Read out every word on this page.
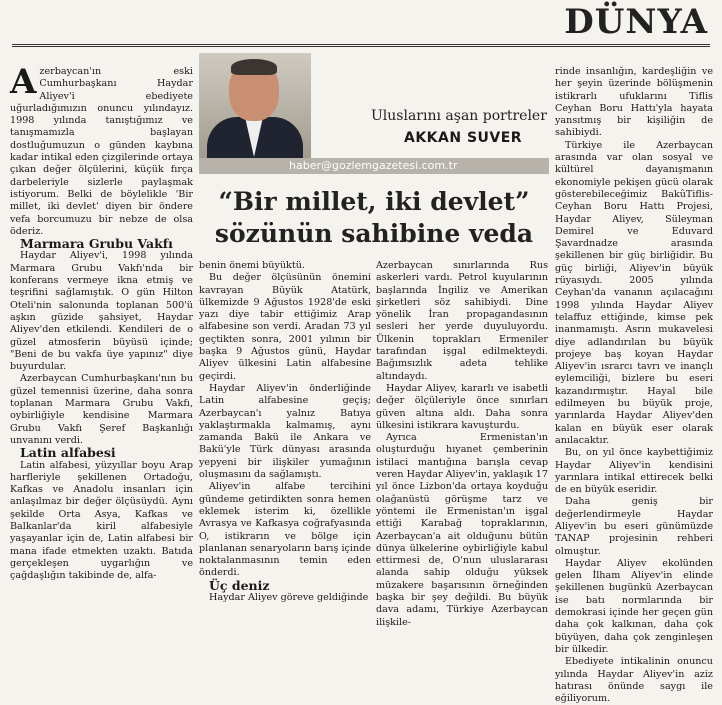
DÜNYA
Uluslarını aşan portreler
AKKAN SUVER
haber@gozlemgazetesi.com.tr
“Bir millet, iki devlet”
sözünün sahibine veda

Azerbaycan'ın eski Cumhurbaşkanı Haydar Aliyev'i ebediyete uğurladığımızın onuncu yılındayız. 1998 yılında tanıştığımız ve tanışmamızla başlayan dostluğumuzun o günden kaybına kadar intikal eden çizgilerinde ortaya çıkan değer ölçülerini, küçük fırça darbeleriyle sizlerle paylaşmak istiyorum. Belki de böylelikle 'Bir millet, iki devlet' diyen bir öndere vefa borcumuzu bir nebze de olsa öderiz.

Marmara Grubu Vakfı

Haydar Aliyev'i, 1998 yılında Marmara Grubu Vakfı'nda bir konferans vermeye ikna etmiş ve teşrifini sağlamıştık. O gün Hilton Oteli'nin salonunda toplanan 500'ü aşkın güzide şahsiyet, Haydar Aliyev'den etkilendi. Kendileri de o güzel atmosferin büyüsü içinde; "Beni de bu vakfa üye yapınız" diye buyurdular.

Azerbaycan Cumhurbaşkanı'nın bu güzel temennisi üzerine, daha sonra toplanan Marmara Grubu Vakfı, oybirliğiyle kendisine Marmara Grubu Vakfı Şeref Başkanlığı unvanını verdi.

Latin alfabesi

Latin alfabesi, yüzyıllar boyu Arap harfleriyle şekillenen Ortadoğu, Kafkas ve Anadolu insanları için anlaşılmaz bir değer ölçüsüydü. Aynı şekilde Orta Asya, Kafkas ve Balkanlar'da kiril alfabesiyle yaşayanlar için de, Latin alfabesi bir mana ifade etmekten uzaktı. Batıda gerçekleşen uygarlığın ve çağdaşlığın takibinde de, alfa-

benin önemi büyüktü.

Bu değer ölçüsünün önemini kavrayan Büyük Atatürk, ülkemizde 9 Ağustos 1928'de eski yazı diye tabir ettiğimiz Arap alfabesine son verdi. Aradan 73 yıl geçtikten sonra, 2001 yılının bir başka 9 Ağustos günü, Haydar Aliyev ülkesini Latin alfabesine geçirdi.

Haydar Aliyev'in önderliğinde Latin alfabesine geçiş; Azerbaycan'ı yalnız Batıya yaklaştırmakla kalmamış, aynı zamanda Bakü ile Ankara ve Bakü'yle Türk dünyası arasında yepyeni bir ilişkiler yumağının oluşmasını da sağlamıştı.

Aliyev'in alfabe tercihini gündeme getirdikten sonra hemen eklemek isterim ki, özellikle Avrasya ve Kafkasya coğrafyasında O, istikrarın ve bölge için planlanan senaryoların barış içinde noktalanmasının temin eden önderdi.

Üç deniz

Haydar Aliyev göreve geldiğinde

Azerbaycan sınırlarında Rus askerleri vardı. Petrol kuyularının başlarında İngiliz ve Amerikan şirketleri söz sahibiydi. Dine yönelik İran propagandasının sesleri her yerde duyuluyordu. Ülkenin toprakları Ermeniler tarafından işgal edilmekteydi. Bağımsızlık adeta tehlike altındaydı.

Haydar Aliyev, kararlı ve isabetli değer ölçüleriyle önce sınırları güven altına aldı. Daha sonra ülkesini istikrara kavuşturdu.

Ayrıca Ermenistan'ın oluşturduğu hıyanet çemberinin istilaci mantığına barışla cevap veren Haydar Aliyev'in, yaklaşık 17 yıl önce Lizbon'da ortaya koyduğu olağanüstü görüşme tarz ve yöntemi ile Ermenistan'ın işgal ettiği Karabağ topraklarının, Azerbaycan'a ait olduğunu bütün dünya ülkelerine oybirliğiyle kabul ettirmesi de, O'nun uluslararası alanda sahip olduğu yüksek müzakere başarısının örneğinden başka bir şey değildi. Bu büyük dava adamı, Türkiye Azerbaycan ilişkile-

rinde insanlığın, kardeşliğin ve her şeyin üzerinde bölüşmenin istikrarlı ufuklarını Tiflis Ceyhan Boru Hattı'yla hayata yansıtmış bir kişiliğin de sahibiydi.

Türkiye ile Azerbaycan arasında var olan sosyal ve kültürel dayanışmanın ekonomiyle pekişen gücü olarak gösterebileceğimiz BakûTiflis-Ceyhan Boru Hattı Projesi, Haydar Aliyev, Süleyman Demirel ve Eduvard Şavardnadze arasında şekillenen bir güç birliğidir. Bu güç birliği, Aliyev'in büyük rüyasıydı. 2005 yılında Ceyhan'da vananın açılacağını 1998 yılında Haydar Aliyev telaffuz ettiğinde, kimse pek inanmamıştı. Asrın mukavelesi diye adlandırılan bu büyük projeye baş koyan Haydar Aliyev'in ısrarcı tavrı ve inançlı eylemciliği, bizlere bu eseri kazandırmıştır. Hayal bile edilmeyen bu büyük proje, yarınlarda Haydar Aliyev'den kalan en büyük eser olarak anılacaktır.

Bu, on yıl önce kaybettiğimiz Haydar Aliyev'in kendisini yarınlara intikal ettirecek belki de en büyük eseridir.

Daha geniş bir değerlendirmeyle Haydar Aliyev'in bu eseri günümüzde TANAP projesinin rehberi olmuştur.

Haydar Aliyev ekolünden gelen İlham Aliyev'in elinde şekillenen bugünkü Azerbaycan ise batı normlarında bir demokrasi içinde her geçen gün daha çok kalkınan, daha çok büyüyen, daha çok zenginleşen bir ülkedir.

Ebediyete intikalinin onuncu yılında Haydar Aliyev'in aziz hatırası önünde saygı ile eğiliyorum.
